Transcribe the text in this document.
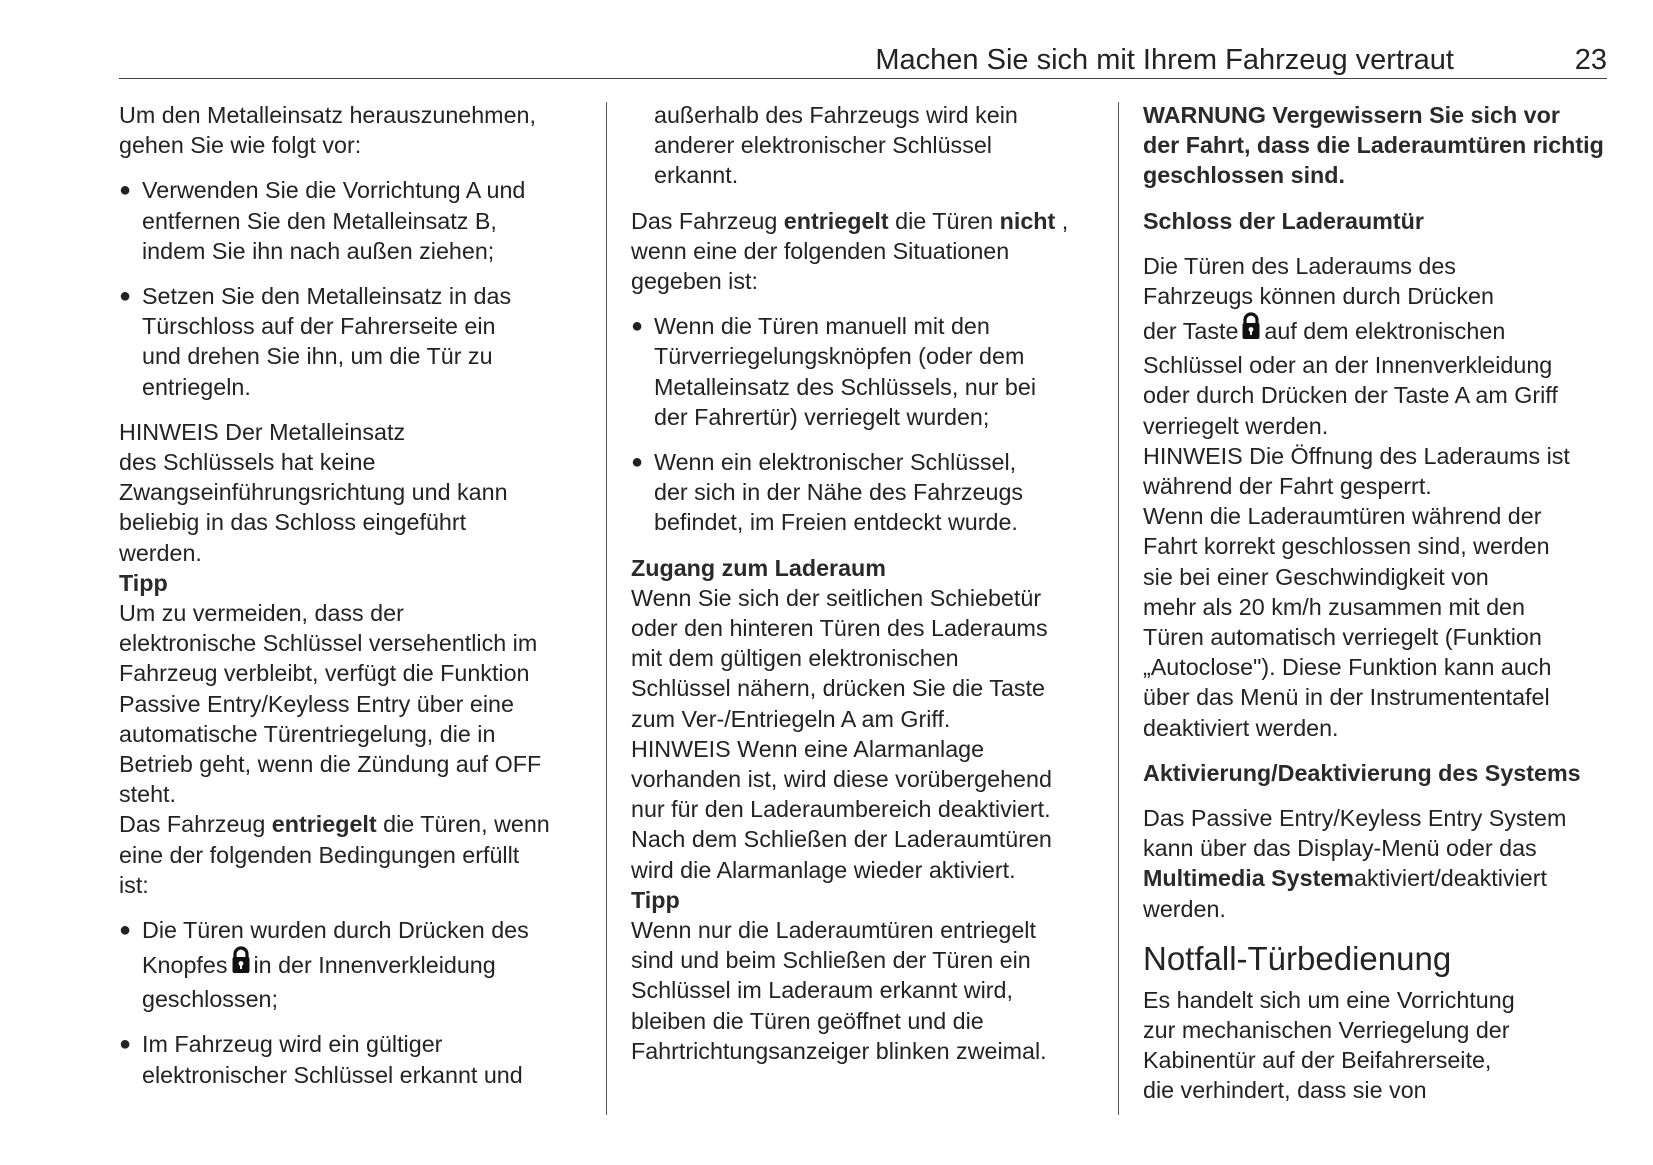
Machen Sie sich mit Ihrem Fahrzeug vertraut	23
Um den Metalleinsatz herauszunehmen,
gehen Sie wie folgt vor:
● Verwenden Sie die Vorrichtung A und
entfernen Sie den Metalleinsatz B,
indem Sie ihn nach außen ziehen;
● Setzen Sie den Metalleinsatz in das
Türschloss auf der Fahrerseite ein
und drehen Sie ihn, um die Tür zu
entriegeln.
HINWEIS Der Metalleinsatz
des Schlüssels hat keine
Zwangseinführungsrichtung und kann
beliebig in das Schloss eingeführt
werden.
Tipp
Um zu vermeiden, dass der
elektronische Schlüssel versehentlich im
Fahrzeug verbleibt, verfügt die Funktion
Passive Entry/Keyless Entry über eine
automatische Türentriegelung, die in
Betrieb geht, wenn die Zündung auf OFF
steht.
Das Fahrzeug entriegelt die Türen, wenn
eine der folgenden Bedingungen erfüllt
ist:
● Die Türen wurden durch Drücken des
Knopfes in der Innenverkleidung
geschlossen;
● Im Fahrzeug wird ein gültiger
elektronischer Schlüssel erkannt und
außerhalb des Fahrzeugs wird kein
anderer elektronischer Schlüssel
erkannt.
Das Fahrzeug entriegelt die Türen nicht ,
wenn eine der folgenden Situationen
gegeben ist:
● Wenn die Türen manuell mit den
Türverriegelungsknöpfen (oder dem
Metalleinsatz des Schlüssels, nur bei
der Fahrertür) verriegelt wurden;
● Wenn ein elektronischer Schlüssel,
der sich in der Nähe des Fahrzeugs
befindet, im Freien entdeckt wurde.
Zugang zum Laderaum
Wenn Sie sich der seitlichen Schiebetür
oder den hinteren Türen des Laderaums
mit dem gültigen elektronischen
Schlüssel nähern, drücken Sie die Taste
zum Ver-/Entriegeln A am Griff.
HINWEIS Wenn eine Alarmanlage
vorhanden ist, wird diese vorübergehend
nur für den Laderaumbereich deaktiviert.
Nach dem Schließen der Laderaumtüren
wird die Alarmanlage wieder aktiviert.
Tipp
Wenn nur die Laderaumtüren entriegelt
sind und beim Schließen der Türen ein
Schlüssel im Laderaum erkannt wird,
bleiben die Türen geöffnet und die
Fahrtrichtungsanzeiger blinken zweimal.
WARNUNG Vergewissern Sie sich vor
der Fahrt, dass die Laderaumtüren richtig
geschlossen sind.
Schloss der Laderaumtür
Die Türen des Laderaums des
Fahrzeugs können durch Drücken
der Taste auf dem elektronischen
Schlüssel oder an der Innenverkleidung
oder durch Drücken der Taste A am Griff
verriegelt werden.
HINWEIS Die Öffnung des Laderaums ist
während der Fahrt gesperrt.
Wenn die Laderaumtüren während der
Fahrt korrekt geschlossen sind, werden
sie bei einer Geschwindigkeit von
mehr als 20 km/h zusammen mit den
Türen automatisch verriegelt (Funktion
„Autoclose"). Diese Funktion kann auch
über das Menü in der Instrumententafel
deaktiviert werden.
Aktivierung/Deaktivierung des Systems
Das Passive Entry/Keyless Entry System
kann über das Display-Menü oder das
Multimedia Systemaktiviert/deaktiviert
werden.
Notfall-Türbedienung
Es handelt sich um eine Vorrichtung
zur mechanischen Verriegelung der
Kabinentür auf der Beifahrerseite,
die verhindert, dass sie von
